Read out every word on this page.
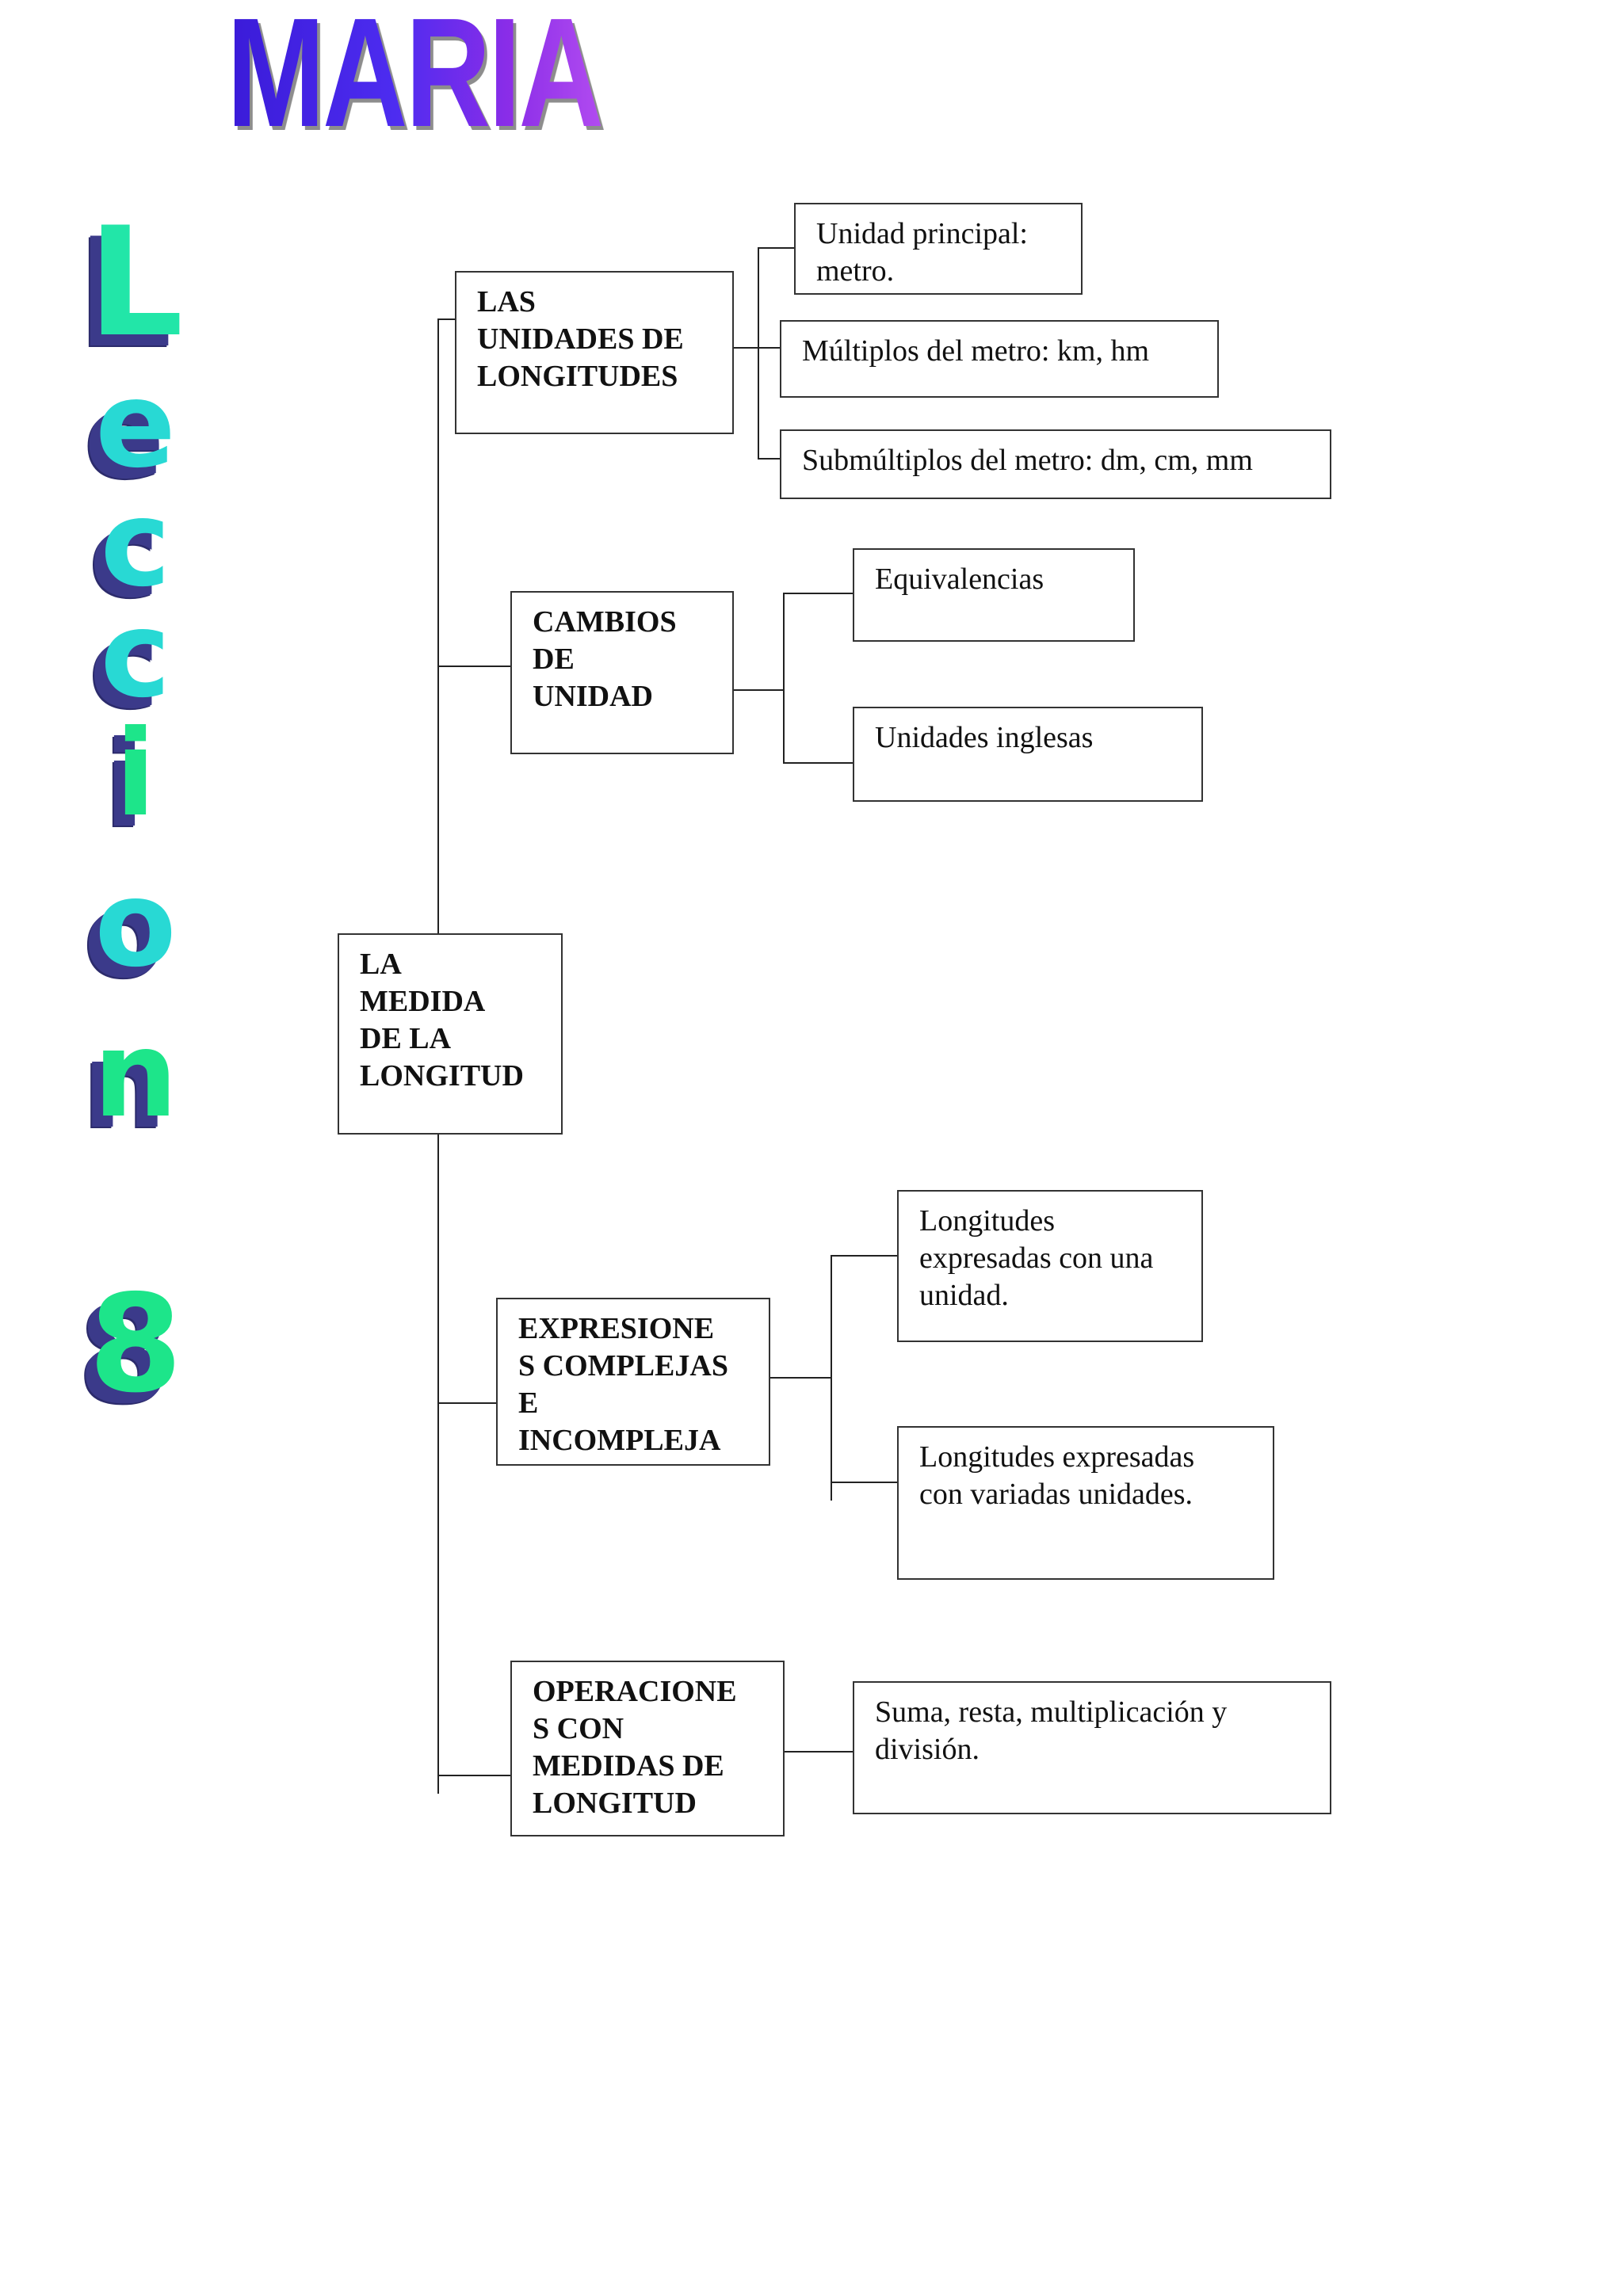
MARIA
L
e
c
c
i
o
n
8
LA
MEDIDA
DE LA
LONGITUD
LAS
UNIDADES DE
LONGITUDES
Unidad principal:
metro.
Múltiplos del metro: km, hm
Submúltiplos del metro: dm, cm, mm
CAMBIOS
DE
UNIDAD
Equivalencias
Unidades inglesas
EXPRESIONE
S COMPLEJAS
E
INCOMPLEJA
Longitudes
expresadas con una
unidad.
Longitudes expresadas
con variadas unidades.
OPERACIONE
S CON
MEDIDAS DE
LONGITUD
Suma, resta, multiplicación y
división.
